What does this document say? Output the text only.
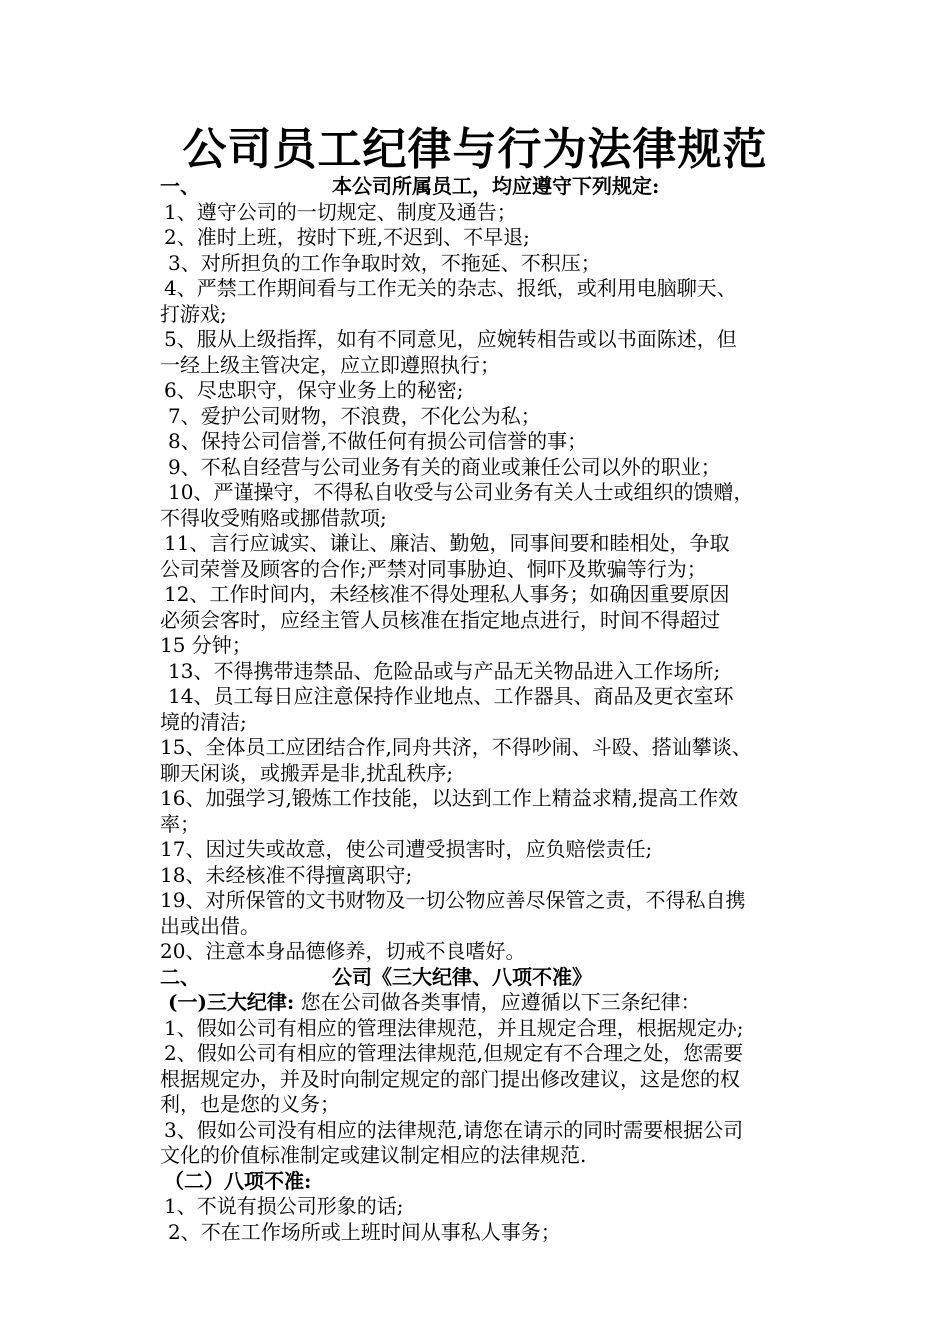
公司员工纪律与行为法律规范

一、	本公司所属员工，均应遵守下列规定:

1、遵守公司的一切规定、制度及通告；

2、准时上班，按时下班,不迟到、不早退;

3、对所担负的工作争取时效，不拖延、不积压；

4、严禁工作期间看与工作无关的杂志、报纸，或利用电脑聊天、

打游戏;

5、服从上级指挥，如有不同意见，应婉转相告或以书面陈述，但

一经上级主管决定，应立即遵照执行；

6、尽忠职守，保守业务上的秘密;

7、爱护公司财物，不浪费，不化公为私；

8、保持公司信誉,不做任何有损公司信誉的事；

9、不私自经营与公司业务有关的商业或兼任公司以外的职业；

10、严谨操守，不得私自收受与公司业务有关人士或组织的馈赠，

不得收受贿赂或挪借款项;

11、言行应诚实、谦让、廉洁、勤勉，同事间要和睦相处，争取

公司荣誉及顾客的合作;严禁对同事胁迫、恫吓及欺骗等行为；

12、工作时间内，未经核准不得处理私人事务；如确因重要原因

必须会客时，应经主管人员核准在指定地点进行，时间不得超过

15 分钟；

13、不得携带违禁品、危险品或与产品无关物品进入工作场所;

14、员工每日应注意保持作业地点、工作器具、商品及更衣室环

境的清洁;

15、全体员工应团结合作,同舟共济，不得吵闹、斗殴、搭讪攀谈、

聊天闲谈，或搬弄是非,扰乱秩序;

16、加强学习,锻炼工作技能，以达到工作上精益求精,提高工作效

率；

17、因过失或故意，使公司遭受损害时，应负赔偿责任;

18、未经核准不得擅离职守;

19、对所保管的文书财物及一切公物应善尽保管之责，不得私自携

出或出借。

20、注意本身品德修养，切戒不良嗜好。

二、	公司《三大纪律、八项不准》

(一)三大纪律: 您在公司做各类事情，应遵循以下三条纪律：

1、假如公司有相应的管理法律规范，并且规定合理，根据规定办;

2、假如公司有相应的管理法律规范,但规定有不合理之处，您需要

根据规定办，并及时向制定规定的部门提出修改建议，这是您的权

利，也是您的义务；

3、假如公司没有相应的法律规范,请您在请示的同时需要根据公司

文化的价值标准制定或建议制定相应的法律规范.

（二）八项不准:

1、不说有损公司形象的话;

2、不在工作场所或上班时间从事私人事务；
